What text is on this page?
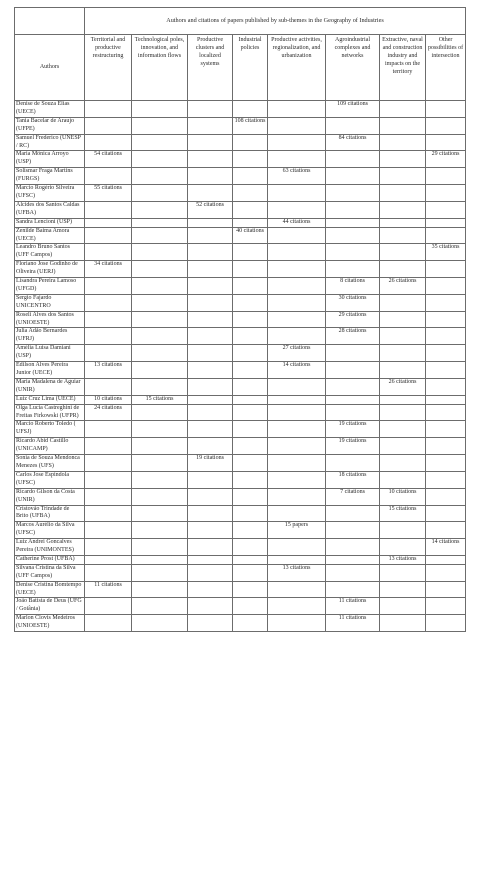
	Authors and citations of papers published by sub-themes in the Geography of Industries							
Authors	Territorial and productive restructuring	Technological poles, innovation, and information flows	Productive clusters and localized systems	Industrial policies	Productive activities, regionalization, and urbanization	Agroindustrial complexes and networks	Extractive, naval and construction industry and impacts on the territory	Other possibilities of intersection
Denise de Souza Elias (UECE)						109 citations		
Tania Bacelar de Araujo (UFPE)				108 citations				
Samuel Frederico (UNESP / RC)						84 citations		
Maria Mônica Arroyo (USP)	54 citations							29 citations
Solismar Fraga Martins (FURGS)					63 citations			
Marcio Rogério Silveira (UFSC)	55 citations							
Alcides dos Santos Caldas (UFBA)			52 citations					
Sandra Lencioni (USP)					44 citations			
Zenilde Baima Amora (UECE)				40 citations				
Leandro Bruno Santos (UFF Campos)								35 citations
Floriano Jose Godinho de Oliveira (UERJ)	34 citations							
Lisandra Pereira Lamoso (UFGD)						8 citations	26 citations	
Sergio Fajardo UNICENTRO						30 citations		
Roseli Alves dos Santos (UNIOESTE)						29 citations		
Julia Adão Bernardes (UFRJ)						28 citations		
Amélia Luisa Damiani (USP)					27 citations			
Edilson Alves Pereira Junior (UECE)	13 citations				14 citations			
Maria Madalena de Aguiar (UNIR)							26 citations	
Luiz Cruz Lima (UECE)	10 citations	15 citations						
Olga Lucia Castreghini de Freitas Firkowski (UFPR)	24 citations							
Marcio Roberto Toledo ( UFSJ)						19 citations		
Ricardo Abid Castillo (UNICAMP)						19 citations		
Sonia de Souza Mendonca Menezes (UFS)			19 citations					
Carlos Jose Espindola (UFSC)						18 citations		
Ricardo Gilson da Costa (UNIR)						7 citations	10 citations	
Cristovão Trindade de Brito (UFBA)							15 citations	
Marcos Aurélio da Silva (UFSC)					15 papers			
Luiz Andrei Goncalves Pereira (UNIMONTES)								14 citations
Catherine Prost (UFBA)							13 citations	
Silvana Cristina da Silva (UFF Campos)					13 citations			
Denise Cristina Bomtempo (UECE)	11 citations							
João Batista de Deus (UFG / Goiânia)						11 citations		
Marlon Clovis Medeiros (UNIOESTE)						11 citations		
